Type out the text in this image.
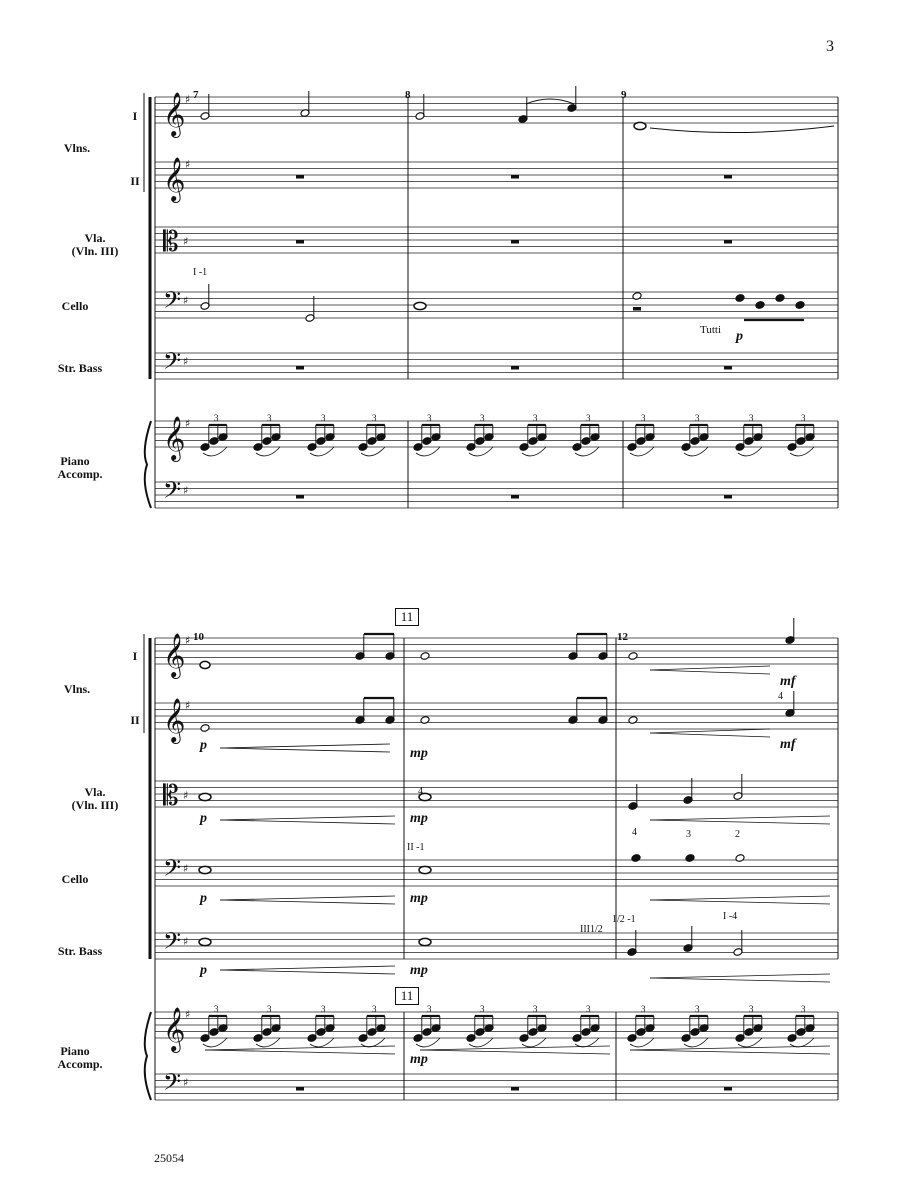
3
25054
𝄞 ♯
𝄞 ♯
𝄡 ♯
𝄢 ♯
𝄢 ♯
𝄞 ♯
𝄢 ♯
𝄞 ♯
𝄞 ♯
𝄡 ♯
𝄢 ♯
𝄢 ♯
𝄞 ♯
𝄢 ♯
3	3	3	3	3	3	3	3	3	3	3	3
3	3	3	3	3	3	3	3	3	3	3	3
Vlns.
I
II
Vla.
(Vln. III)
Cello
Str. Bass
Piano
Accomp.
Vlns.
I
II
Vla.
(Vln. III)
Cello
Str. Bass
Piano
Accomp.
7	8	9
10	12
11
11
Tutti
I -1
II -1
III1/2
1/2 -1	I -4
4
4	3	2
4
p
p
p
p
p
mp
mp
mp
mp
mp
mf
mf
